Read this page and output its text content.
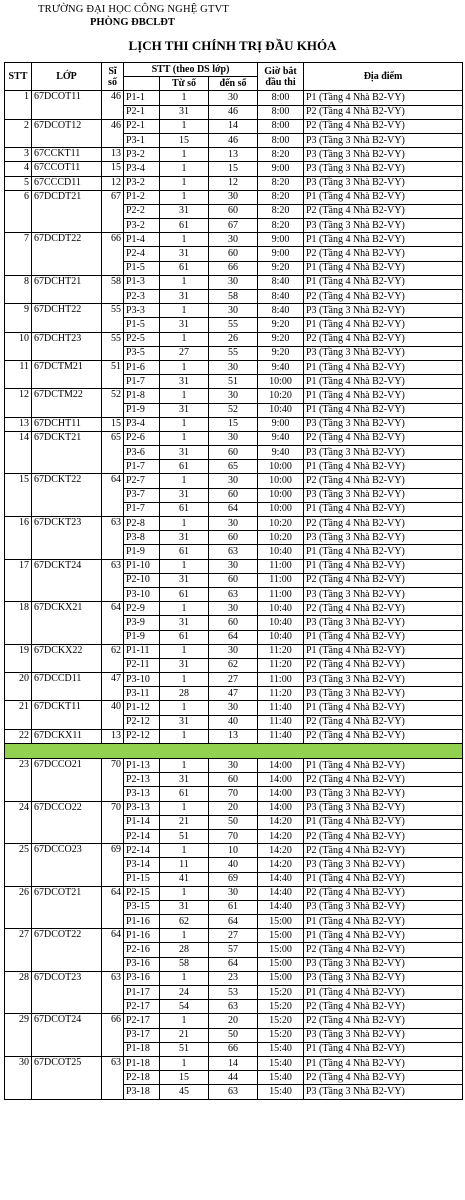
TRƯỜNG ĐẠI HỌC CÔNG NGHỆ GTVT
PHÒNG ĐBCLĐT
LỊCH THI CHÍNH TRỊ ĐẦU KHÓA
STT	LỚP	Sĩ số	STT (theo DS lớp)			Giờ bắt đầu thi	Địa điểm
				Từ số	đến số		
1	67DCOT11	46	P1-1	1	30	8:00	P1 (Tầng 4 Nhà B2-VY)
			P2-1	31	46	8:00	P2 (Tầng 4 Nhà B2-VY)
2	67DCOT12	46	P2-1	1	14	8:00	P2 (Tầng 4 Nhà B2-VY)
			P3-1	15	46	8:00	P3 (Tầng 3 Nhà B2-VY)
3	67CCKT11	13	P3-2	1	13	8:20	P3 (Tầng 3 Nhà B2-VY)
4	67CCOT11	15	P3-4	1	15	9:00	P3 (Tầng 3 Nhà B2-VY)
5	67CCCD11	12	P3-2	1	12	8:20	P3 (Tầng 3 Nhà B2-VY)
6	67DCDT21	67	P1-2	1	30	8:20	P1 (Tầng 4 Nhà B2-VY)
			P2-2	31	60	8:20	P2 (Tầng 4 Nhà B2-VY)
			P3-2	61	67	8:20	P3 (Tầng 3 Nhà B2-VY)
7	67DCDT22	66	P1-4	1	30	9:00	P1 (Tầng 4 Nhà B2-VY)
			P2-4	31	60	9:00	P2 (Tầng 4 Nhà B2-VY)
			P1-5	61	66	9:20	P1 (Tầng 4 Nhà B2-VY)
8	67DCHT21	58	P1-3	1	30	8:40	P1 (Tầng 4 Nhà B2-VY)
			P2-3	31	58	8:40	P2 (Tầng 4 Nhà B2-VY)
9	67DCHT22	55	P3-3	1	30	8:40	P3 (Tầng 3 Nhà B2-VY)
			P1-5	31	55	9:20	P1 (Tầng 4 Nhà B2-VY)
10	67DCHT23	55	P2-5	1	26	9:20	P2 (Tầng 4 Nhà B2-VY)
			P3-5	27	55	9:20	P3 (Tầng 3 Nhà B2-VY)
11	67DCTM21	51	P1-6	1	30	9:40	P1 (Tầng 4 Nhà B2-VY)
			P1-7	31	51	10:00	P1 (Tầng 4 Nhà B2-VY)
12	67DCTM22	52	P1-8	1	30	10:20	P1 (Tầng 4 Nhà B2-VY)
			P1-9	31	52	10:40	P1 (Tầng 4 Nhà B2-VY)
13	67DCHT11	15	P3-4	1	15	9:00	P3 (Tầng 3 Nhà B2-VY)
14	67DCKT21	65	P2-6	1	30	9:40	P2 (Tầng 4 Nhà B2-VY)
			P3-6	31	60	9:40	P3 (Tầng 3 Nhà B2-VY)
			P1-7	61	65	10:00	P1 (Tầng 4 Nhà B2-VY)
15	67DCKT22	64	P2-7	1	30	10:00	P2 (Tầng 4 Nhà B2-VY)
			P3-7	31	60	10:00	P3 (Tầng 3 Nhà B2-VY)
			P1-7	61	64	10:00	P1 (Tầng 4 Nhà B2-VY)
16	67DCKT23	63	P2-8	1	30	10:20	P2 (Tầng 4 Nhà B2-VY)
			P3-8	31	60	10:20	P3 (Tầng 3 Nhà B2-VY)
			P1-9	61	63	10:40	P1 (Tầng 4 Nhà B2-VY)
17	67DCKT24	63	P1-10	1	30	11:00	P1 (Tầng 4 Nhà B2-VY)
			P2-10	31	60	11:00	P2 (Tầng 4 Nhà B2-VY)
			P3-10	61	63	11:00	P3 (Tầng 3 Nhà B2-VY)
18	67DCKX21	64	P2-9	1	30	10:40	P2 (Tầng 4 Nhà B2-VY)
			P3-9	31	60	10:40	P3 (Tầng 3 Nhà B2-VY)
			P1-9	61	64	10:40	P1 (Tầng 4 Nhà B2-VY)
19	67DCKX22	62	P1-11	1	30	11:20	P1 (Tầng 4 Nhà B2-VY)
			P2-11	31	62	11:20	P2 (Tầng 4 Nhà B2-VY)
20	67DCCD11	47	P3-10	1	27	11:00	P3 (Tầng 3 Nhà B2-VY)
			P3-11	28	47	11:20	P3 (Tầng 3 Nhà B2-VY)
21	67DCKT11	40	P1-12	1	30	11:40	P1 (Tầng 4 Nhà B2-VY)
			P2-12	31	40	11:40	P2 (Tầng 4 Nhà B2-VY)
22	67DCKX11	13	P2-12	1	13	11:40	P2 (Tầng 4 Nhà B2-VY)

23	67DCCO21	70	P1-13	1	30	14:00	P1 (Tầng 4 Nhà B2-VY)
			P2-13	31	60	14:00	P2 (Tầng 4 Nhà B2-VY)
			P3-13	61	70	14:00	P3 (Tầng 3 Nhà B2-VY)
24	67DCCO22	70	P3-13	1	20	14:00	P3 (Tầng 3 Nhà B2-VY)
			P1-14	21	50	14:20	P1 (Tầng 4 Nhà B2-VY)
			P2-14	51	70	14:20	P2 (Tầng 4 Nhà B2-VY)
25	67DCCO23	69	P2-14	1	10	14:20	P2 (Tầng 4 Nhà B2-VY)
			P3-14	11	40	14:20	P3 (Tầng 3 Nhà B2-VY)
			P1-15	41	69	14:40	P1 (Tầng 4 Nhà B2-VY)
26	67DCOT21	64	P2-15	1	30	14:40	P2 (Tầng 4 Nhà B2-VY)
			P3-15	31	61	14:40	P3 (Tầng 3 Nhà B2-VY)
			P1-16	62	64	15:00	P1 (Tầng 4 Nhà B2-VY)
27	67DCOT22	64	P1-16	1	27	15:00	P1 (Tầng 4 Nhà B2-VY)
			P2-16	28	57	15:00	P2 (Tầng 4 Nhà B2-VY)
			P3-16	58	64	15:00	P3 (Tầng 3 Nhà B2-VY)
28	67DCOT23	63	P3-16	1	23	15:00	P3 (Tầng 3 Nhà B2-VY)
			P1-17	24	53	15:20	P1 (Tầng 4 Nhà B2-VY)
			P2-17	54	63	15:20	P2 (Tầng 4 Nhà B2-VY)
29	67DCOT24	66	P2-17	1	20	15:20	P2 (Tầng 4 Nhà B2-VY)
			P3-17	21	50	15:20	P3 (Tầng 3 Nhà B2-VY)
			P1-18	51	66	15:40	P1 (Tầng 4 Nhà B2-VY)
30	67DCOT25	63	P1-18	1	14	15:40	P1 (Tầng 4 Nhà B2-VY)
			P2-18	15	44	15:40	P2 (Tầng 4 Nhà B2-VY)
			P3-18	45	63	15:40	P3 (Tầng 3 Nhà B2-VY)
